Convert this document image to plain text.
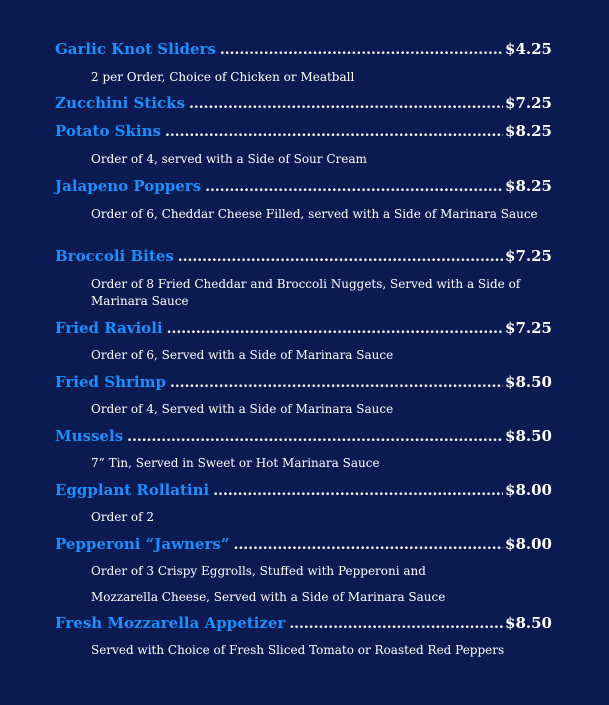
Garlic Knot Sliders .....	$4.25
2 per Order, Choice of Chicken or Meatball
Zucchini Sticks .....	$7.25
Potato Skins .....	$8.25
Order of 4, served with a Side of Sour Cream
Jalapeno Poppers .....	$8.25
Order of 6, Cheddar Cheese Filled, served with a Side of Marinara Sauce
Broccoli Bites .....	$7.25
Order of 8 Fried Cheddar and Broccoli Nuggets, Served with a Side of Marinara Sauce
Fried Ravioli .....	$7.25
Order of 6, Served with a Side of Marinara Sauce
Fried Shrimp .....	$8.50
Order of 4, Served with a Side of Marinara Sauce
Mussels .....	$8.50
7” Tin, Served in Sweet or Hot Marinara Sauce
Eggplant Rollatini .....	$8.00
Order of 2
Pepperoni “Jawners” .....	$8.00
Order of 3 Crispy Eggrolls, Stuffed with Pepperoni and
Mozzarella Cheese, Served with a Side of Marinara Sauce
Fresh Mozzarella Appetizer .....	$8.50
Served with Choice of Fresh Sliced Tomato or Roasted Red Peppers
